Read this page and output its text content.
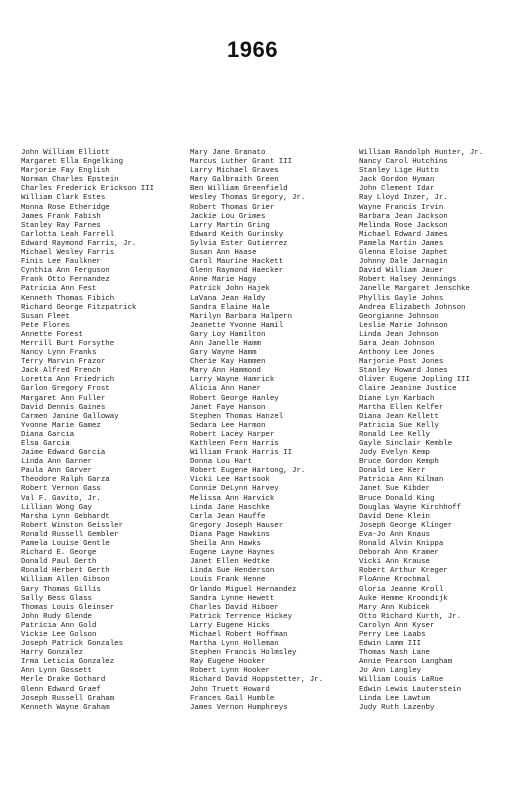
1966
John William Elliott
Margaret Ella Engelking
Marjorie Fay English
Norman Charles Epstein
Charles Frederick Erickson III
William Clark Estes
Monna Rose Etheridge
James Frank Fabish
Stanley Ray Farnes
Carlotta Leah Farrell
Edward Raymond Farris, Jr.
Michael Wesley Farris
Finis Lee Faulkner
Cynthia Ann Ferguson
Frank Otto Fernandez
Patricia Ann Fest
Kenneth Thomas Fibich
Richard George Fitzpatrick
Susan Fleet
Pete Flores
Annette Forest
Merrill Burt Forsythe
Nancy Lynn Franks
Terry Marvin Frazor
Jack Alfred French
Loretta Ann Friedrich
Garlon Gregory Frost
Margaret Ann Fuller
David Dennis Gaines
Carmen Janine Galloway
Yvonne Marie Gamez
Diana Garcia
Elsa Garcia
Jaime Edward Garcia
Linda Ann Garner
Paula Ann Garver
Theodore Ralph Garza
Robert Vernon Gass
Val F. Gavito, Jr.
Lillian Wong Gay
Marsha Lynn Gebhardt
Robert Winston Geissler
Ronald Russell Gembler
Pamela Louise Gentle
Richard E. George
Donald Paul Gerth
Ronald Herbert Gerth
William Allen Gibson
Gary Thomas Gillis
Sally Bess Glass
Thomas Louis Gleinser
John Rudy Glende
Patricia Ann Gold
Vickie Lee Golson
Joseph Patrick Gonzales
Harry Gonzalez
Irma Leticia Gonzalez
Ann Lynn Gossett
Merle Drake Gothard
Glenn Edward Graef
Joseph Russell Graham
Kenneth Wayne Graham
Mary Jane Granato
Marcus Luther Grant III
Larry Michael Graves
Mary Galbraith Green
Ben William Greenfield
Wesley Thomas Gregory, Jr.
Robert Thomas Grier
Jackie Lou Grimes
Larry Martin Gring
Edward Keith Gurinsky
Sylvia Ester Gutierrez
Susan Ann Haase
Carol Maurine Hackett
Glenn Raymond Haecker
Anne Marie Hagy
Patrick John Hajek
LaVana Jean Haldy
Sandra Elaine Hale
Marilyn Barbara Halpern
Jeanette Yvonne Hamil
Gary Loy Hamilton
Ann Janelle Hamm
Gary Wayne Hamm
Cherie Kay Hammen
Mary Ann Hammond
Larry Wayne Hamrick
Alicia Ann Haner
Robert George Hanley
Janet Faye Hanson
Stephen Thomas Hanzel
Sedara Lee Harmon
Robert Lacey Harper
Kathleen Fern Harris
William Frank Harris II
Donna Lou Hart
Robert Eugene Hartong, Jr.
Vicki Lee Hartsook
Connie DeLynn Harvey
Melissa Ann Harvick
Linda Jane Haschke
Carla Jean Hauffe
Gregory Joseph Hauser
Diana Page Hawkins
Sheila Ann Hawks
Eugene Layne Haynes
Janet Ellen Hedtke
Linda Sue Henderson
Louis Frank Henne
Orlando Miguel Hernandez
Sandra Lynne Hewett
Charles David Hiboer
Patrick Terrence Hickey
Larry Eugene Hicks
Michael Robert Hoffman
Martha Lynn Holleman
Stephen Francis Holmsley
Ray Eugene Hooker
Robert Lynn Hooker
Richard David Hoppstetter, Jr.
John Truett Howard
Frances Gail Humble
James Vernon Humphreys
William Randolph Hunter, Jr.
Nancy Carol Hutchins
Stanley Lige Hutto
Jack Gordon Hyman
John Clement Idar
Ray Lloyd Inzer, Jr.
Wayne Francis Irvin
Barbara Jean Jackson
Melinda Rose Jackson
Michael Edward James
Pamela Martin James
Glenna Eloise Japhet
Johnny Dale Jarnagin
David William Jauer
Robert Halsey Jennings
Janelle Margaret Jenschke
Phyllis Gayle Johns
Andrea Elizabeth Johnson
Georgianne Johnson
Leslie Marie Johnson
Linda Jean Johnson
Sara Jean Johnson
Anthony Lee Jones
Marjorie Post Jones
Stanley Howard Jones
Oliver Eugene Jopling III
Claire Jeanine Justice
Diane Lyn Karbach
Martha Ellen Kelfer
Diana Jean Kellett
Patricia Sue Kelly
Ronald Lee Kelly
Gayle Sinclair Kemble
Judy Evelyn Kemp
Bruce Gordon Kemph
Donald Lee Kerr
Patricia Ann Kilman
Janet Sue Kibder
Bruce Donald King
Douglas Wayne Kirchhoff
David Dene Klein
Joseph George Klinger
Eva-Jo Ann Knaus
Ronald Alvin Knippa
Deborah Ann Kramer
Vicki Ann Krause
Robert Arthur Kreger
FloAnne Krochmal
Gloria Jeanne Kroll
Auke Hemme Kroondijk
Mary Ann Kubicek
Otto Richard Kurth, Jr.
Carolyn Ann Kyser
Perry Lee Laabs
Edwin Lamm III
Thomas Nash Lane
Annie Pearson Langham
Jo Ann Langley
William Louis LaRue
Edwin Lewis Lauterstein
Linda Lee Lawtum
Judy Ruth Lazenby
